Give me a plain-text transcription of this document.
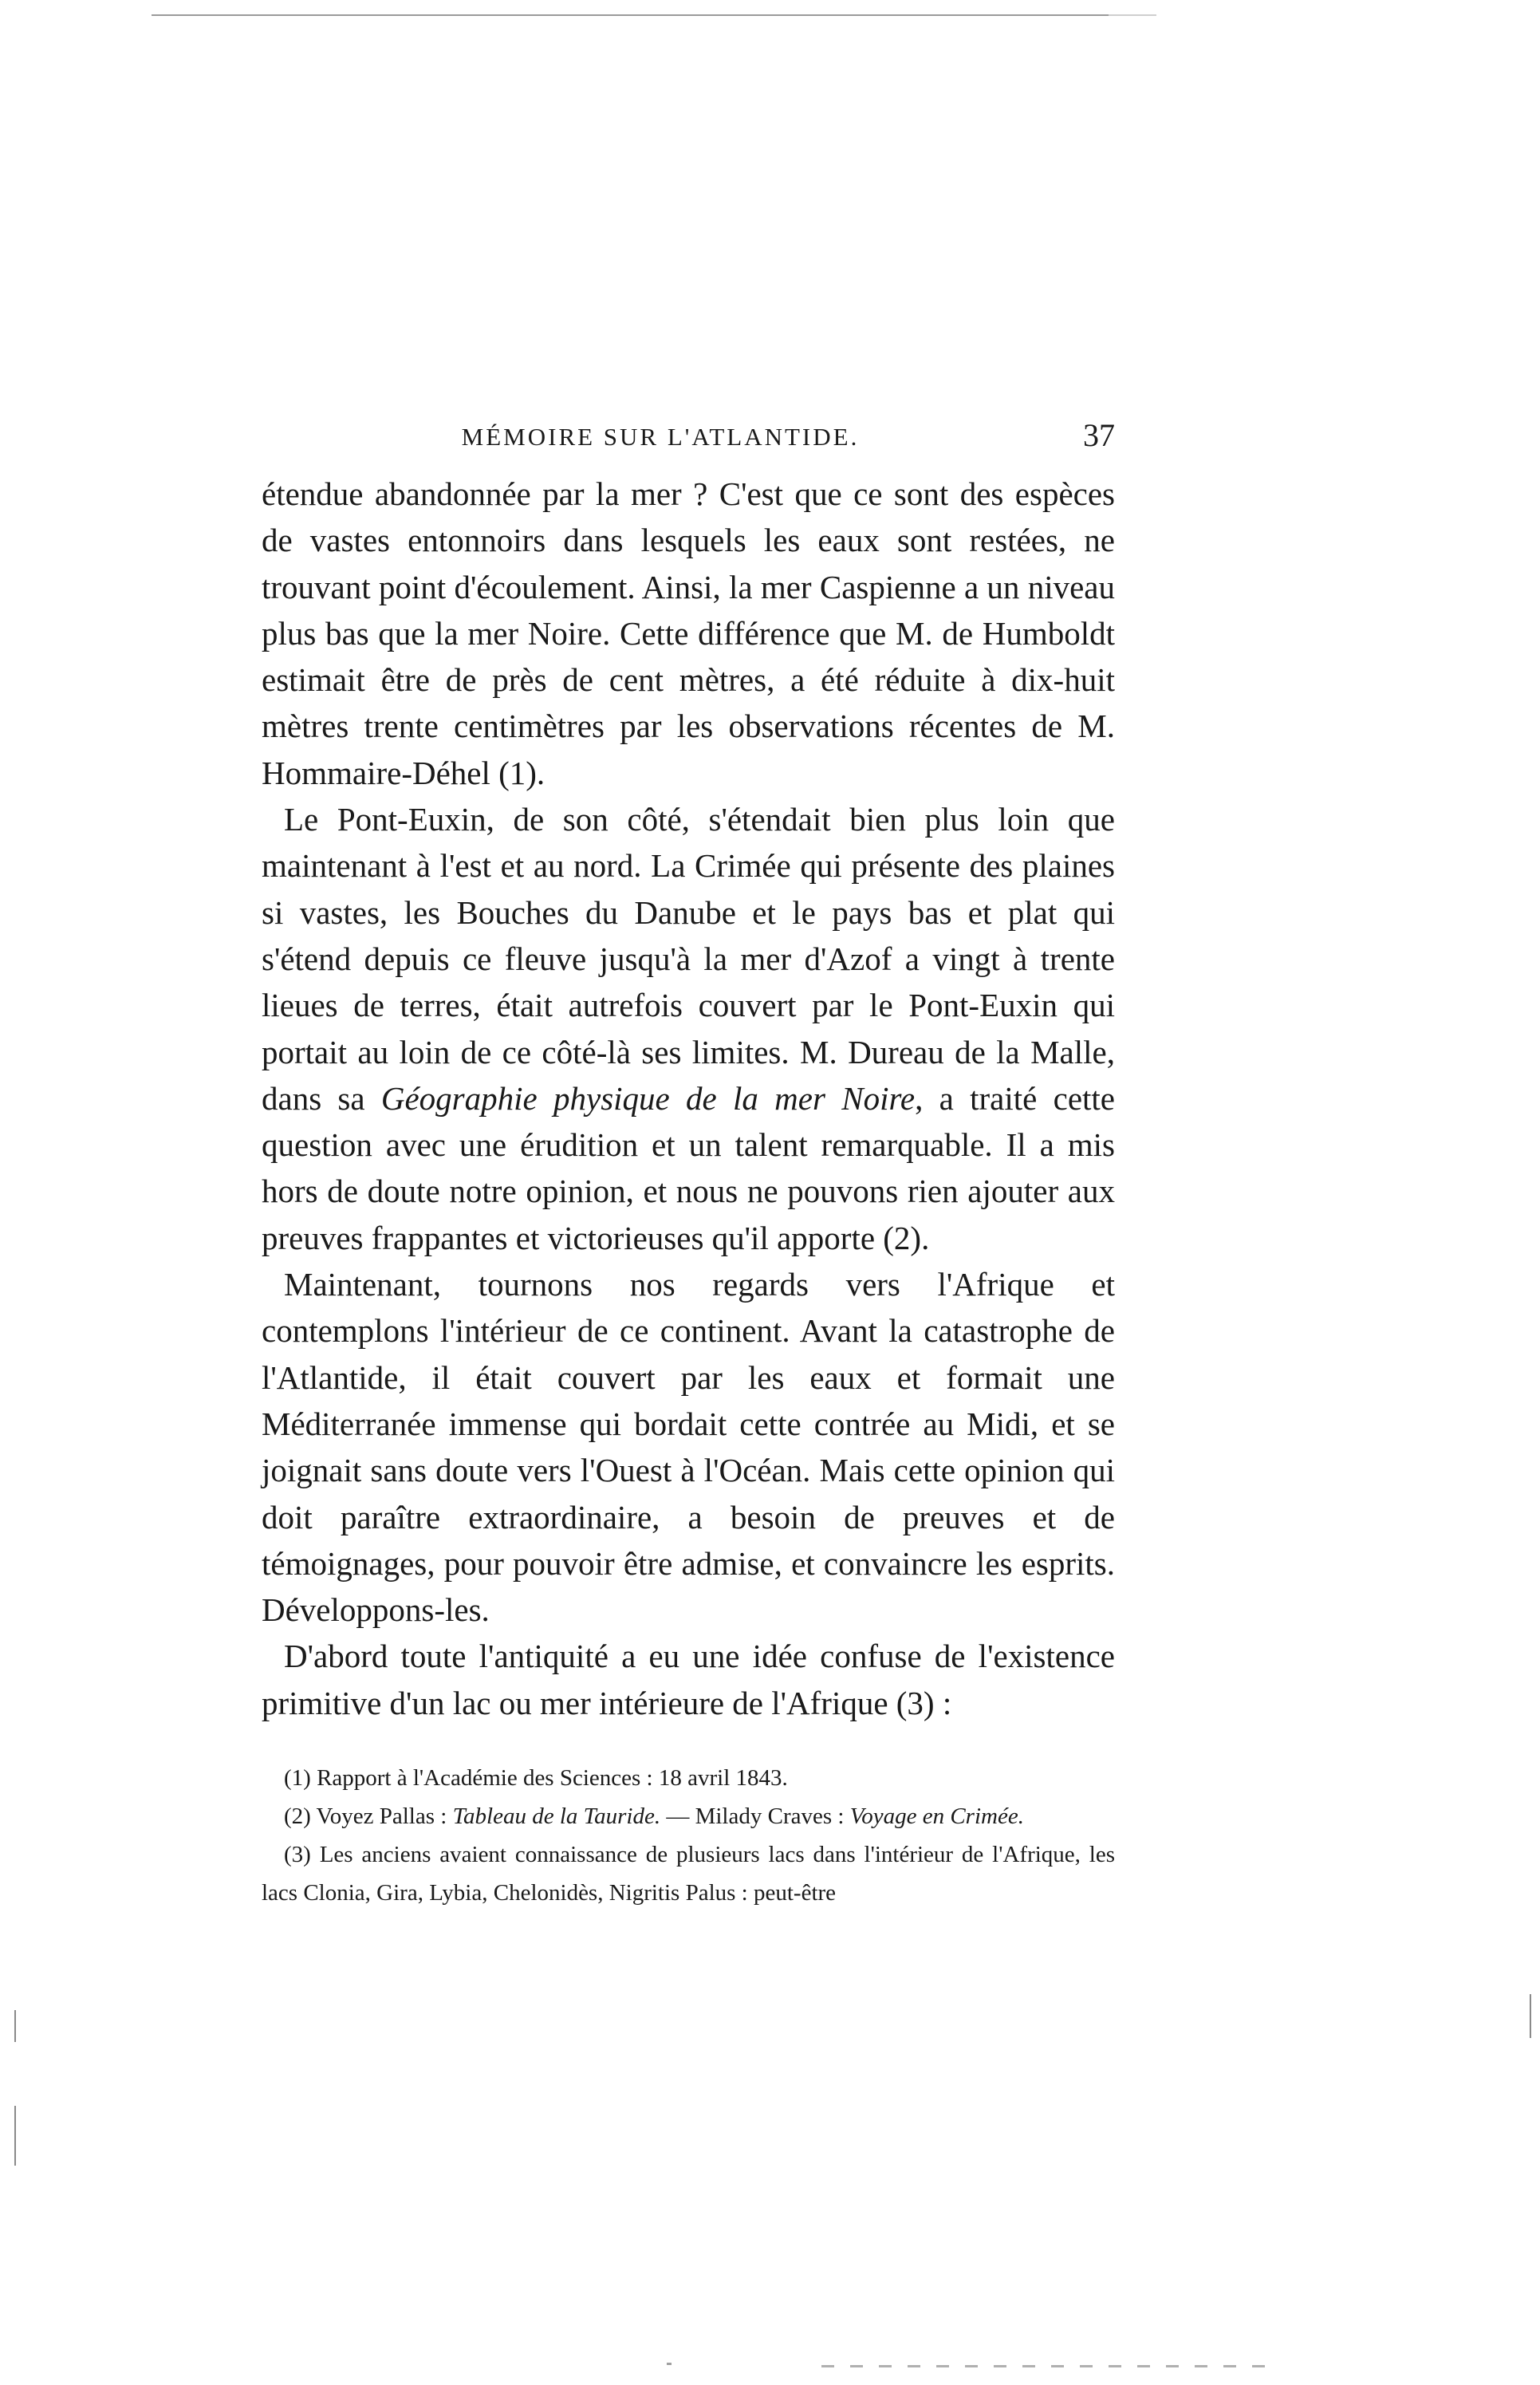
MÉMOIRE SUR L'ATLANTIDE.	37

étendue abandonnée par la mer ? C'est que ce sont des espèces de vastes entonnoirs dans lesquels les eaux sont restées, ne trouvant point d'écoulement. Ainsi, la mer Caspienne a un niveau plus bas que la mer Noire. Cette différence que M. de Humboldt estimait être de près de cent mètres, a été réduite à dix-huit mètres trente centimètres par les observations récentes de M. Hommaire-Déhel (1).

Le Pont-Euxin, de son côté, s'étendait bien plus loin que maintenant à l'est et au nord. La Crimée qui présente des plaines si vastes, les Bouches du Danube et le pays bas et plat qui s'étend depuis ce fleuve jusqu'à la mer d'Azof a vingt à trente lieues de terres, était autrefois couvert par le Pont-Euxin qui portait au loin de ce côté-là ses limites. M. Dureau de la Malle, dans sa Géographie physique de la mer Noire, a traité cette question avec une érudition et un talent remarquable. Il a mis hors de doute notre opinion, et nous ne pouvons rien ajouter aux preuves frappantes et victorieuses qu'il apporte (2).

Maintenant, tournons nos regards vers l'Afrique et contemplons l'intérieur de ce continent. Avant la catastrophe de l'Atlantide, il était couvert par les eaux et formait une Méditerranée immense qui bordait cette contrée au Midi, et se joignait sans doute vers l'Ouest à l'Océan. Mais cette opinion qui doit paraître extraordinaire, a besoin de preuves et de témoignages, pour pouvoir être admise, et convaincre les esprits. Développons-les.

D'abord toute l'antiquité a eu une idée confuse de l'existence primitive d'un lac ou mer intérieure de l'Afrique (3) :

(1) Rapport à l'Académie des Sciences : 18 avril 1843.

(2) Voyez Pallas : Tableau de la Tauride. — Milady Craves : Voyage en Crimée.

(3) Les anciens avaient connaissance de plusieurs lacs dans l'intérieur de l'Afrique, les lacs Clonia, Gira, Lybia, Chelonidès, Nigritis Palus : peut-être
